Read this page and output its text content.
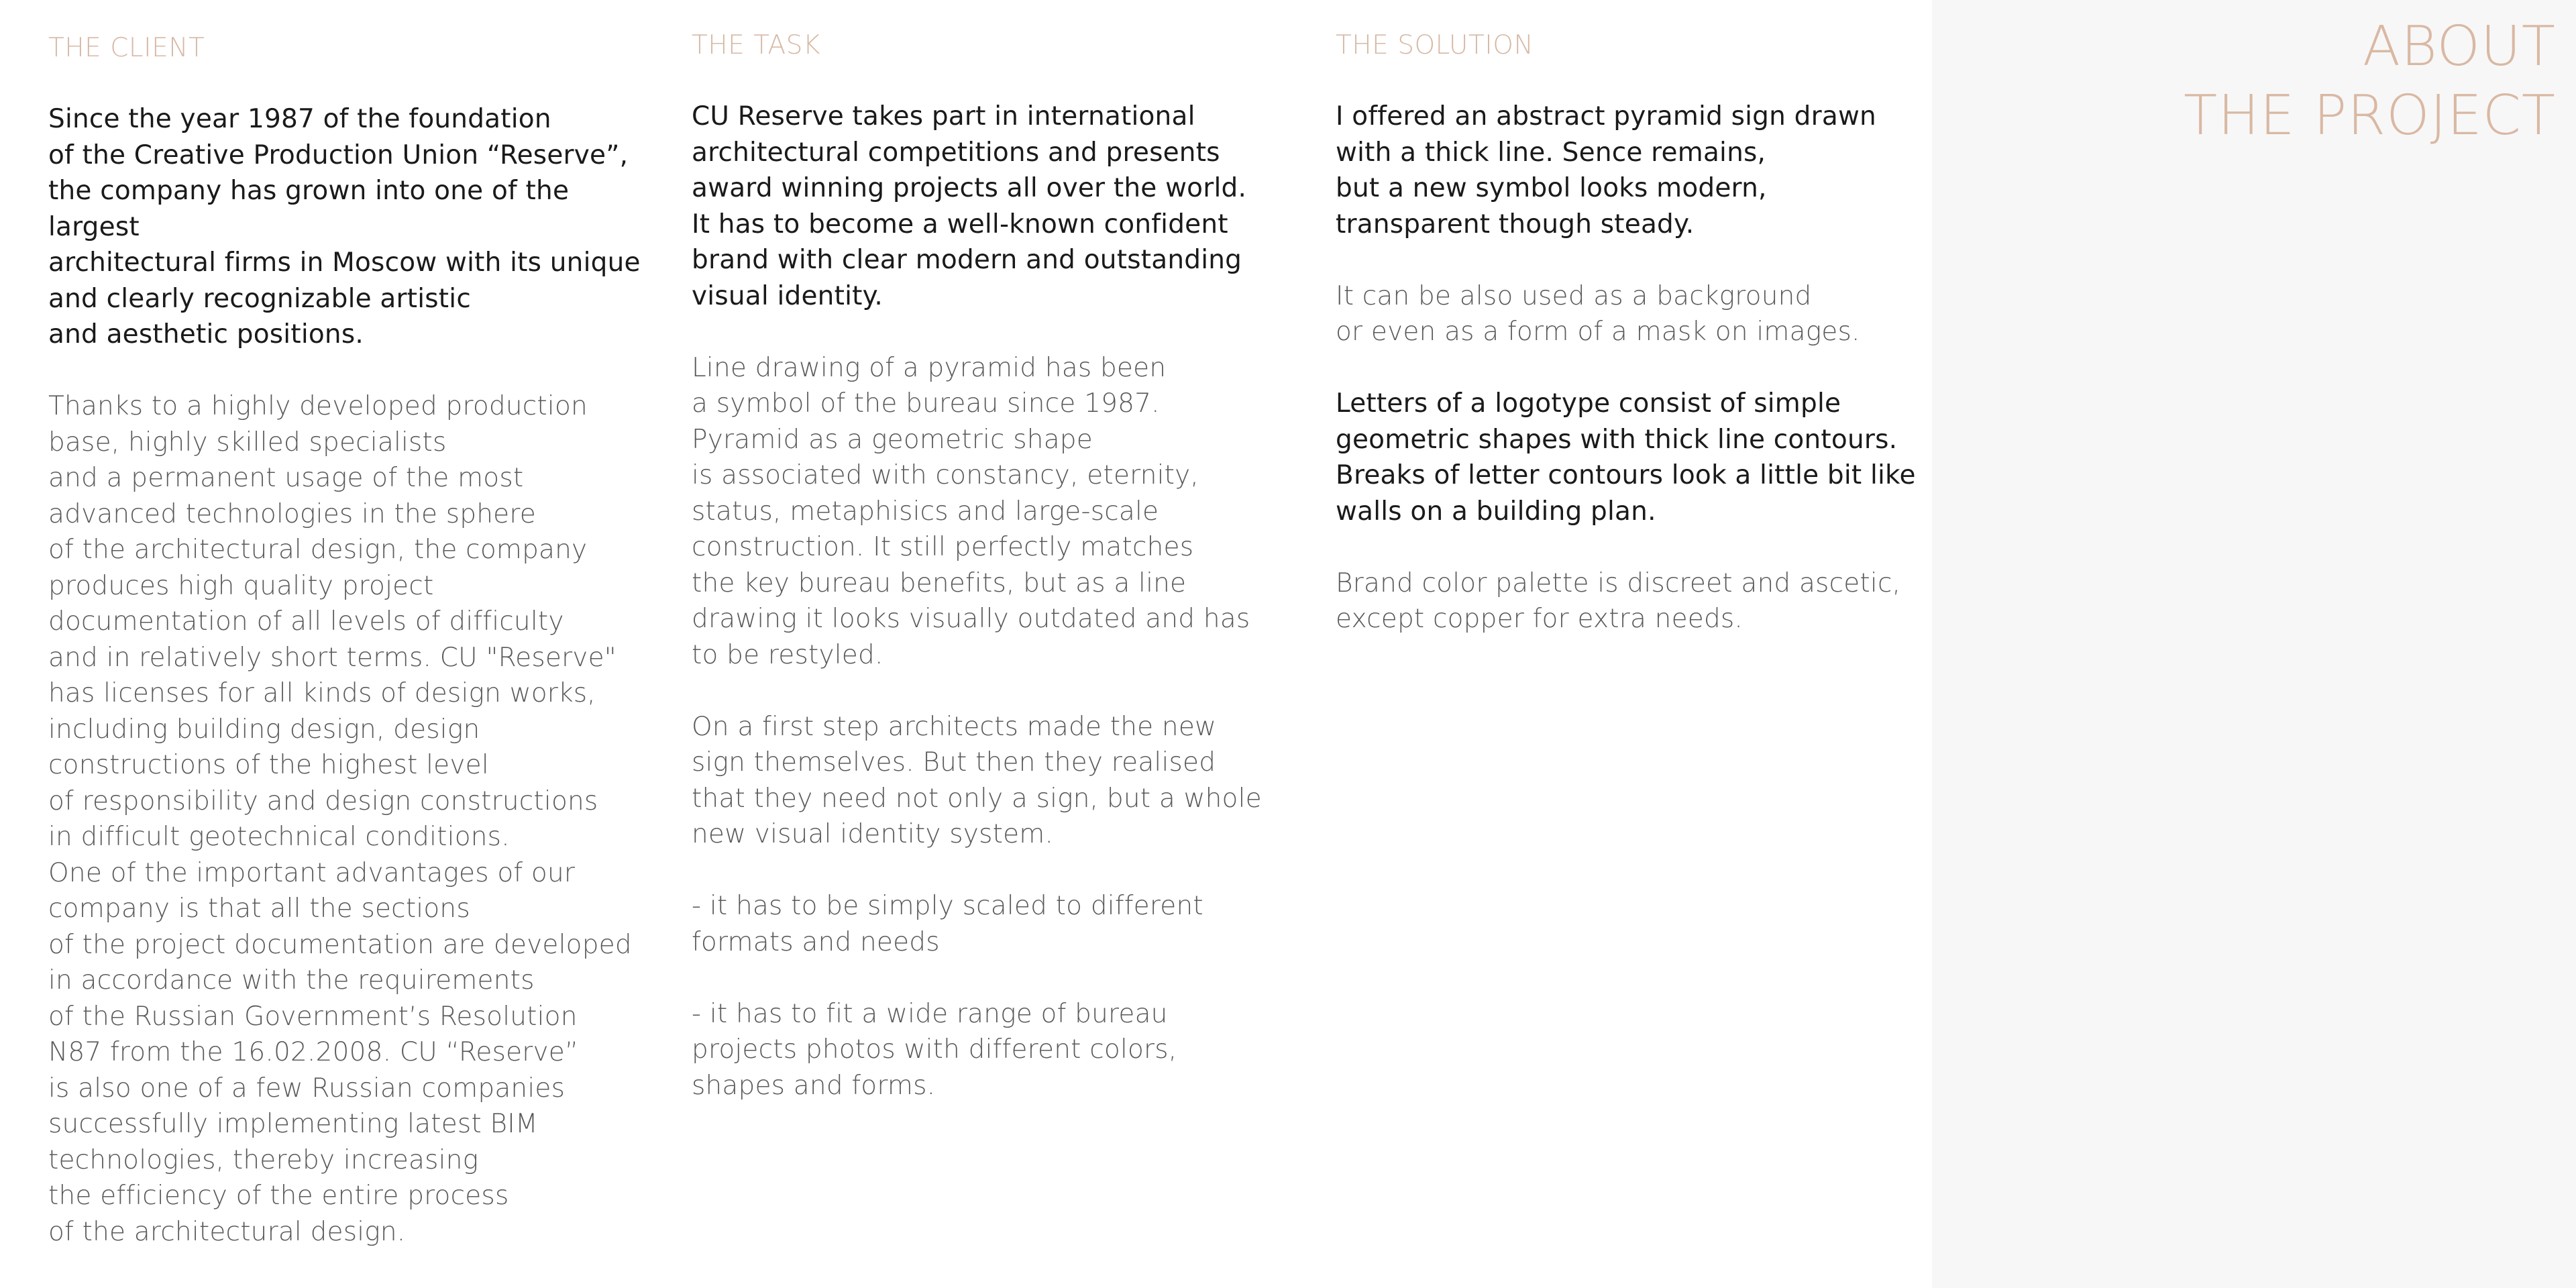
THE CLIENT

Since the year 1987 of the foundation
of the Creative Production Union “Reserve”,
the company has grown into one of the largest
architectural firms in Moscow with its unique
and clearly recognizable artistic
and aesthetic positions.

Thanks to a highly developed production
base, highly skilled specialists
and a permanent usage of the most
advanced technologies in the sphere
of the architectural design, the company
produces high quality project
documentation of all levels of difficulty
and in relatively short terms. CU "Reserve"
has licenses for all kinds of design works,
including building design, design
constructions of the highest level
of responsibility and design constructions
in difficult geotechnical conditions.
One of the important advantages of our
company is that all the sections
of the project documentation are developed
in accordance with the requirements
of the Russian Government’s Resolution
N87 from the 16.02.2008. CU “Reserve”
is also one of a few Russian companies
successfully implementing latest BIM
technologies, thereby increasing
the efficiency of the entire process
of the architectural design.

THE TASK

CU Reserve takes part in international
architectural competitions and presents
award winning projects all over the world.
It has to become a well-known confident
brand with clear modern and outstanding
visual identity.

Line drawing of a pyramid has been
a symbol of the bureau since 1987.
Pyramid as a geometric shape
is associated with constancy, eternity,
status, metaphisics and large-scale
construction. It still perfectly matches
the key bureau benefits, but as a line
drawing it looks visually outdated and has
to be restyled.

On a first step architects made the new
sign themselves. But then they realised
that they need not only a sign, but a whole
new visual identity system.

- it has to be simply scaled to different
formats and needs

- it has to fit a wide range of bureau
projects photos with different colors,
shapes and forms.

THE SOLUTION

I offered an abstract pyramid sign drawn
with a thick line. Sence remains,
but a new symbol looks modern,
transparent though steady.

It can be also used as a background
or even as a form of a mask on images.

Letters of a logotype consist of simple
geometric shapes with thick line contours.
Breaks of letter contours look a little bit like
walls on a building plan.

Brand color palette is discreet and ascetic,
except copper for extra needs.

ABOUT
THE PROJECT
